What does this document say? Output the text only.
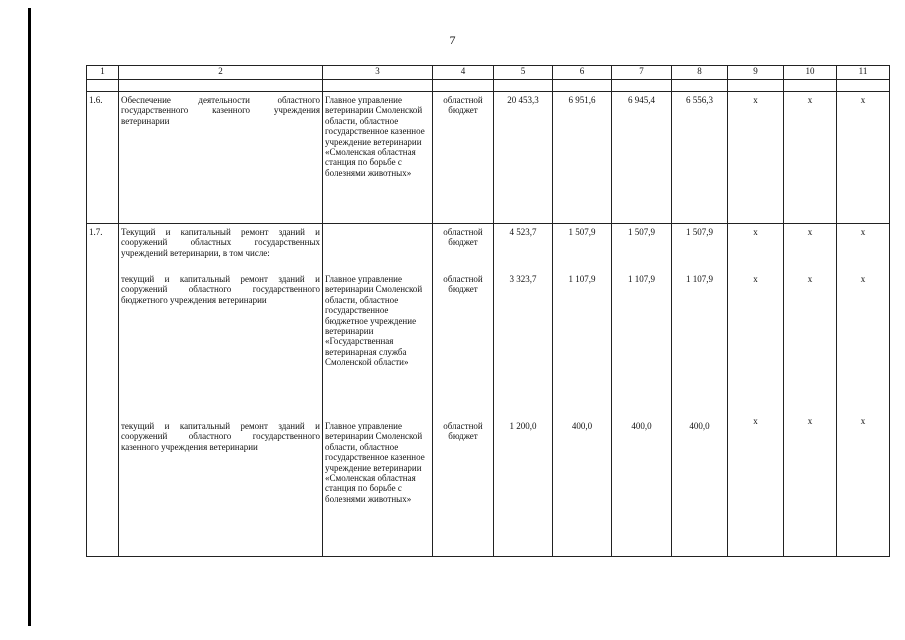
7
1	2	3	4	5	6	7	8	9	10	11

1.6.	Обеспечение деятельности областного государственного казенного учреждения ветеринарии	Главное управление ветеринарии Смоленской области, областное государственное казенное учреждение ветеринарии «Смоленская областная станция по борьбе с болезнями животных»	областной бюджет	20 453,3	6 951,6	6 945,4	6 556,3	х	х	х
1.7.	Текущий и капитальный ремонт зданий и сооружений областных государственных учреждений ветеринарии, в том числе:		областной бюджет	4 523,7	1 507,9	1 507,9	1 507,9	х	х	х
	текущий и капитальный ремонт зданий и сооружений областного государственного бюджетного учреждения ветеринарии	Главное управление ветеринарии Смоленской области, областное государственное бюджетное учреждение ветеринарии «Государственная ветеринарная служба Смоленской области»	областной бюджет	3 323,7	1 107,9	1 107,9	1 107,9	х	х	х
	текущий и капитальный ремонт зданий и сооружений областного государственного казенного учреждения ветеринарии	Главное управление ветеринарии Смоленской области, областное государственное казенное учреждение ветеринарии «Смоленская областная станция по борьбе с болезнями животных»	областной бюджет	1 200,0	400,0	400,0	400,0	х	х	х
